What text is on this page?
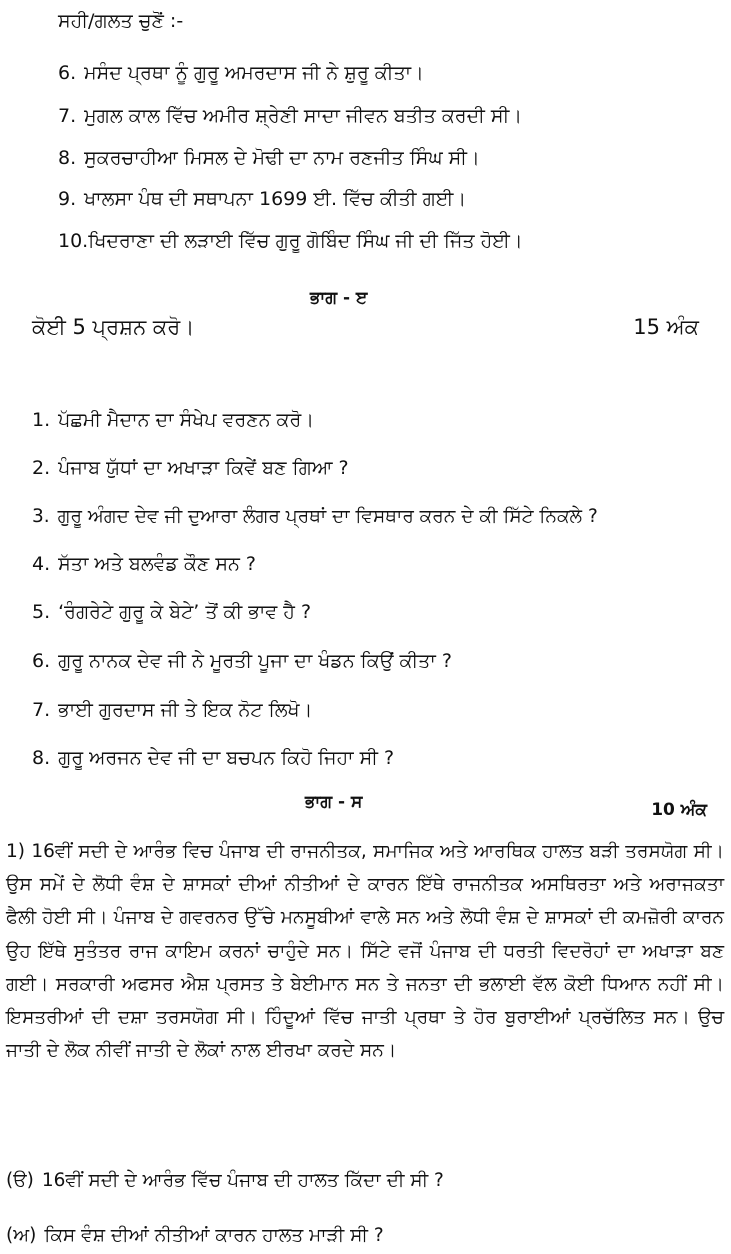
ਸਹੀ/ਗਲਤ ਚੁਣੋਂ :-
6. ਮਸੰਦ ਪ੍ਰਥਾ ਨੂੰ ਗੁਰੂ ਅਮਰਦਾਸ ਜੀ ਨੇ ਸ਼ੁਰੂ ਕੀਤਾ।
7. ਮੁਗਲ ਕਾਲ ਵਿੱਚ ਅਮੀਰ ਸ਼੍ਰੇਣੀ ਸਾਦਾ ਜੀਵਨ ਬਤੀਤ ਕਰਦੀ ਸੀ।
8. ਸੁਕਰਚਾਹੀਆ ਮਿਸਲ ਦੇ ਮੋਢੀ ਦਾ ਨਾਮ ਰਣਜੀਤ ਸਿੰਘ ਸੀ।
9. ਖਾਲਸਾ ਪੰਥ ਦੀ ਸਥਾਪਨਾ 1699 ਈ. ਵਿੱਚ ਕੀਤੀ ਗਈ।
10.ਖਿਦਰਾਣਾ ਦੀ ਲੜਾਈ ਵਿੱਚ ਗੁਰੂ ਗੋਬਿੰਦ ਸਿੰਘ ਜੀ ਦੀ ਜਿੱਤ ਹੋਈ।
ਭਾਗ - ੲ
ਕੋਈ 5 ਪ੍ਰਸ਼ਨ ਕਰੋ।	15 ਅੰਕ
1. ਪੱਛਮੀ ਮੈਦਾਨ ਦਾ ਸੰਖੇਪ ਵਰਣਨ ਕਰੋ।
2. ਪੰਜਾਬ ਯੁੱਧਾਂ ਦਾ ਅਖਾੜਾ ਕਿਵੇਂ ਬਣ ਗਿਆ ?
3. ਗੁਰੂ ਅੰਗਦ ਦੇਵ ਜੀ ਦੁਆਰਾ ਲੰਗਰ ਪ੍ਰਥਾਂ ਦਾ ਵਿਸਥਾਰ ਕਰਨ ਦੇ ਕੀ ਸਿੱਟੇ ਨਿਕਲੇ ?
4. ਸੱਤਾ ਅਤੇ ਬਲਵੰਡ ਕੌਣ ਸਨ ?
5. ‘ਰੰਗਰੇਟੇ ਗੁਰੂ ਕੇ ਬੇਟੇ’ ਤੋਂ ਕੀ ਭਾਵ ਹੈ ?
6. ਗੁਰੂ ਨਾਨਕ ਦੇਵ ਜੀ ਨੇ ਮੂਰਤੀ ਪੂਜਾ ਦਾ ਖੰਡਨ ਕਿਉਂ ਕੀਤਾ ?
7. ਭਾਈ ਗੁਰਦਾਸ ਜੀ ਤੇ ਇਕ ਨੋਟ ਲਿਖੋ।
8. ਗੁਰੂ ਅਰਜਨ ਦੇਵ ਜੀ ਦਾ ਬਚਪਨ ਕਿਹੋ ਜਿਹਾ ਸੀ ?
ਭਾਗ - ਸ	10 ਅੰਕ
1) 16ਵੀਂ ਸਦੀ ਦੇ ਆਰੰਭ ਵਿਚ ਪੰਜਾਬ ਦੀ ਰਾਜਨੀਤਕ, ਸਮਾਜਿਕ ਅਤੇ ਆਰਥਿਕ ਹਾਲਤ ਬੜੀ ਤਰਸਯੋਗ ਸੀ। ਉਸ ਸਮੇਂ ਦੇ ਲੋਧੀ ਵੰਸ਼ ਦੇ ਸ਼ਾਸਕਾਂ ਦੀਆਂ ਨੀਤੀਆਂ ਦੇ ਕਾਰਨ ਇੱਥੇ ਰਾਜਨੀਤਕ ਅਸਥਿਰਤਾ ਅਤੇ ਅਰਾਜਕਤਾ ਫੈਲੀ ਹੋਈ ਸੀ। ਪੰਜਾਬ ਦੇ ਗਵਰਨਰ ਉੱਚੇ ਮਨਸੂਬੀਆਂ ਵਾਲੇ ਸਨ ਅਤੇ ਲੋਧੀ ਵੰਸ਼ ਦੇ ਸ਼ਾਸਕਾਂ ਦੀ ਕਮਜ਼ੋਰੀ ਕਾਰਨ ਉਹ ਇੱਥੇ ਸੁਤੰਤਰ ਰਾਜ ਕਾਇਮ ਕਰਨਾਂ ਚਾਹੁੰਦੇ ਸਨ। ਸਿੱਟੇ ਵਜੋਂ ਪੰਜਾਬ ਦੀ ਧਰਤੀ ਵਿਦਰੋਹਾਂ ਦਾ ਅਖਾੜਾ ਬਣ ਗਈ। ਸਰਕਾਰੀ ਅਫਸਰ ਐਸ਼ ਪ੍ਰਸਤ ਤੇ ਬੇਈਮਾਨ ਸਨ ਤੇ ਜਨਤਾ ਦੀ ਭਲਾਈ ਵੱਲ ਕੋਈ ਧਿਆਨ ਨਹੀਂ ਸੀ। ਇਸਤਰੀਆਂ ਦੀ ਦਸ਼ਾ ਤਰਸਯੋਗ ਸੀ। ਹਿੰਦੂਆਂ ਵਿੱਚ ਜਾਤੀ ਪ੍ਰਥਾ ਤੇ ਹੋਰ ਬੁਰਾਈਆਂ ਪ੍ਰਚੱਲਿਤ ਸਨ। ਉਚ ਜਾਤੀ ਦੇ ਲੋਕ ਨੀਵੀਂ ਜਾਤੀ ਦੇ ਲੋਕਾਂ ਨਾਲ ਈਰਖਾ ਕਰਦੇ ਸਨ।
(ੳ) 16ਵੀਂ ਸਦੀ ਦੇ ਆਰੰਭ ਵਿੱਚ ਪੰਜਾਬ ਦੀ ਹਾਲਤ ਕਿੱਦਾ ਦੀ ਸੀ ?
(ਅ) ਕਿਸ ਵੰਸ਼ ਦੀਆਂ ਨੀਤੀਆਂ ਕਾਰਨ ਹਾਲਤ ਮਾੜੀ ਸੀ ?
